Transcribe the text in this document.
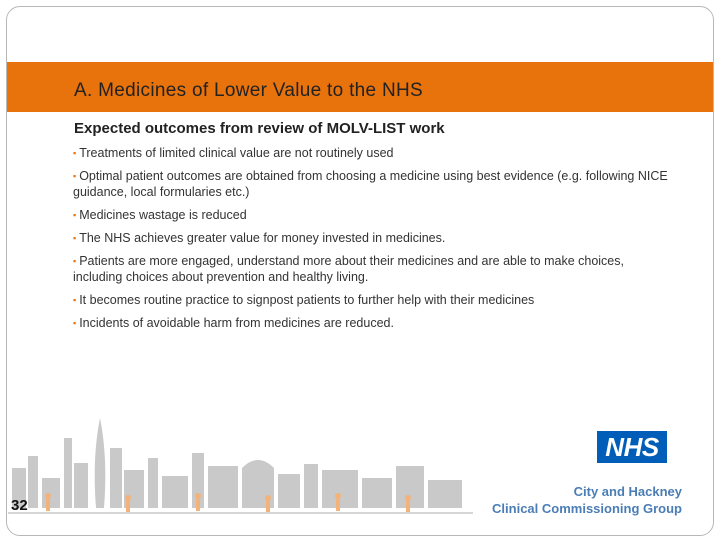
A. Medicines of Lower Value to the NHS
Expected outcomes from review of MOLV-LIST work
▪ Treatments of limited clinical value are not routinely used
▪ Optimal patient outcomes are obtained from choosing a medicine using best evidence (e.g. following NICE guidance, local formularies etc.)
▪ Medicines wastage is reduced
▪ The NHS achieves greater value for money invested in medicines.
▪ Patients are more engaged, understand more about their medicines and are able to make choices, including choices about prevention and healthy living.
▪ It becomes routine practice to signpost patients to further help with their medicines
▪ Incidents of avoidable harm from medicines are reduced.
32
NHS
City and Hackney
Clinical Commissioning Group
